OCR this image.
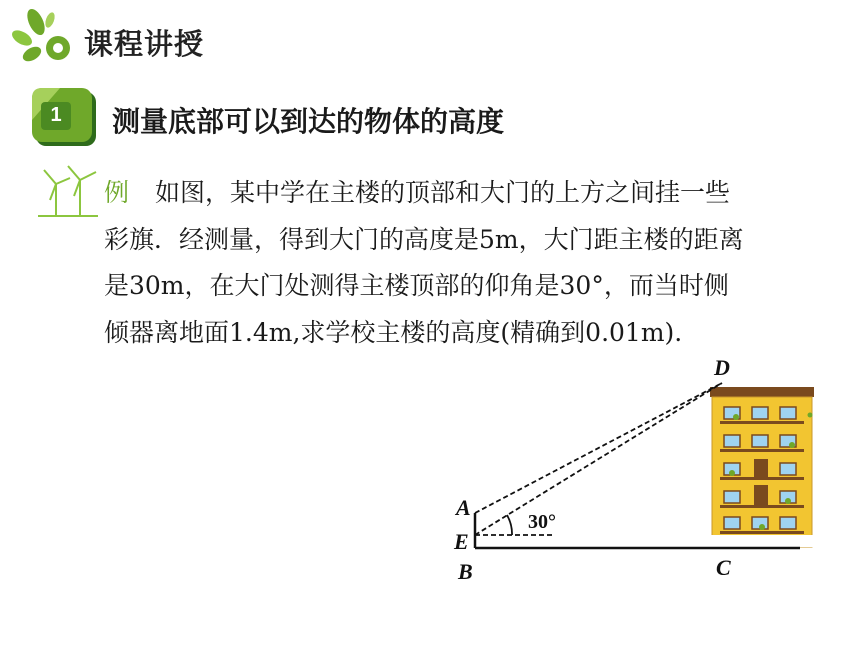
课程讲授
1 测量底部可以到达的物体的高度
例 如图，某中学在主楼的顶部和大门的上方之间挂一些
彩旗．经测量，得到大门的高度是5m，大门距主楼的距离
是30m，在大门处测得主楼顶部的仰角是30°，而当时侧
倾器离地面1.4m,求学校主楼的高度(精确到0.01m).
A
E
B	C
D
30°
